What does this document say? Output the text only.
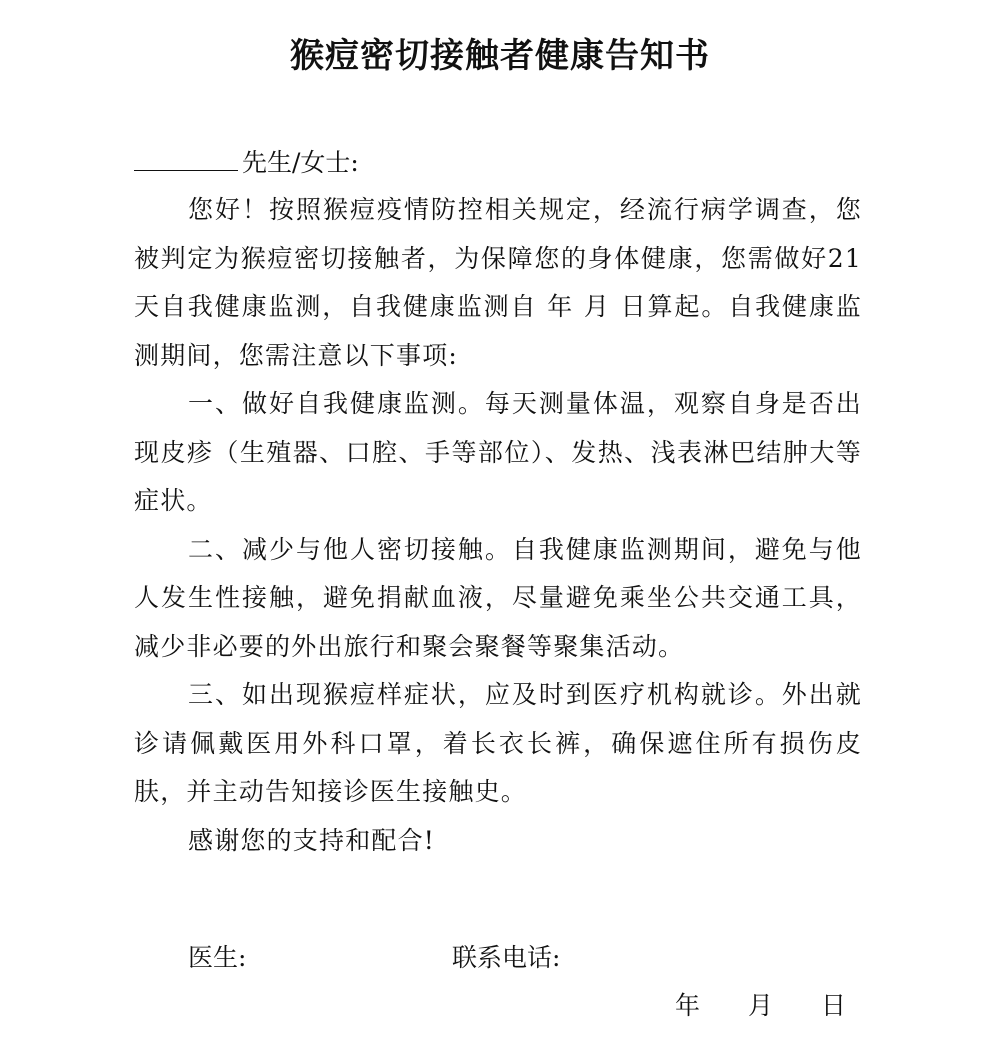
猴痘密切接触者健康告知书
先生/女士:

您好！按照猴痘疫情防控相关规定，经流行病学调查，您被判定为猴痘密切接触者，为保障您的身体健康，您需做好21天自我健康监测，自我健康监测自 年 月 日算起。自我健康监测期间，您需注意以下事项:

一、做好自我健康监测。每天测量体温，观察自身是否出现皮疹（生殖器、口腔、手等部位）、发热、浅表淋巴结肿大等症状。

二、减少与他人密切接触。自我健康监测期间，避免与他人发生性接触，避免捐献血液，尽量避免乘坐公共交通工具，减少非必要的外出旅行和聚会聚餐等聚集活动。

三、如出现猴痘样症状，应及时到医疗机构就诊。外出就诊请佩戴医用外科口罩，着长衣长裤，确保遮住所有损伤皮肤，并主动告知接诊医生接触史。

感谢您的支持和配合!

医生:	联系电话:
年 月 日
